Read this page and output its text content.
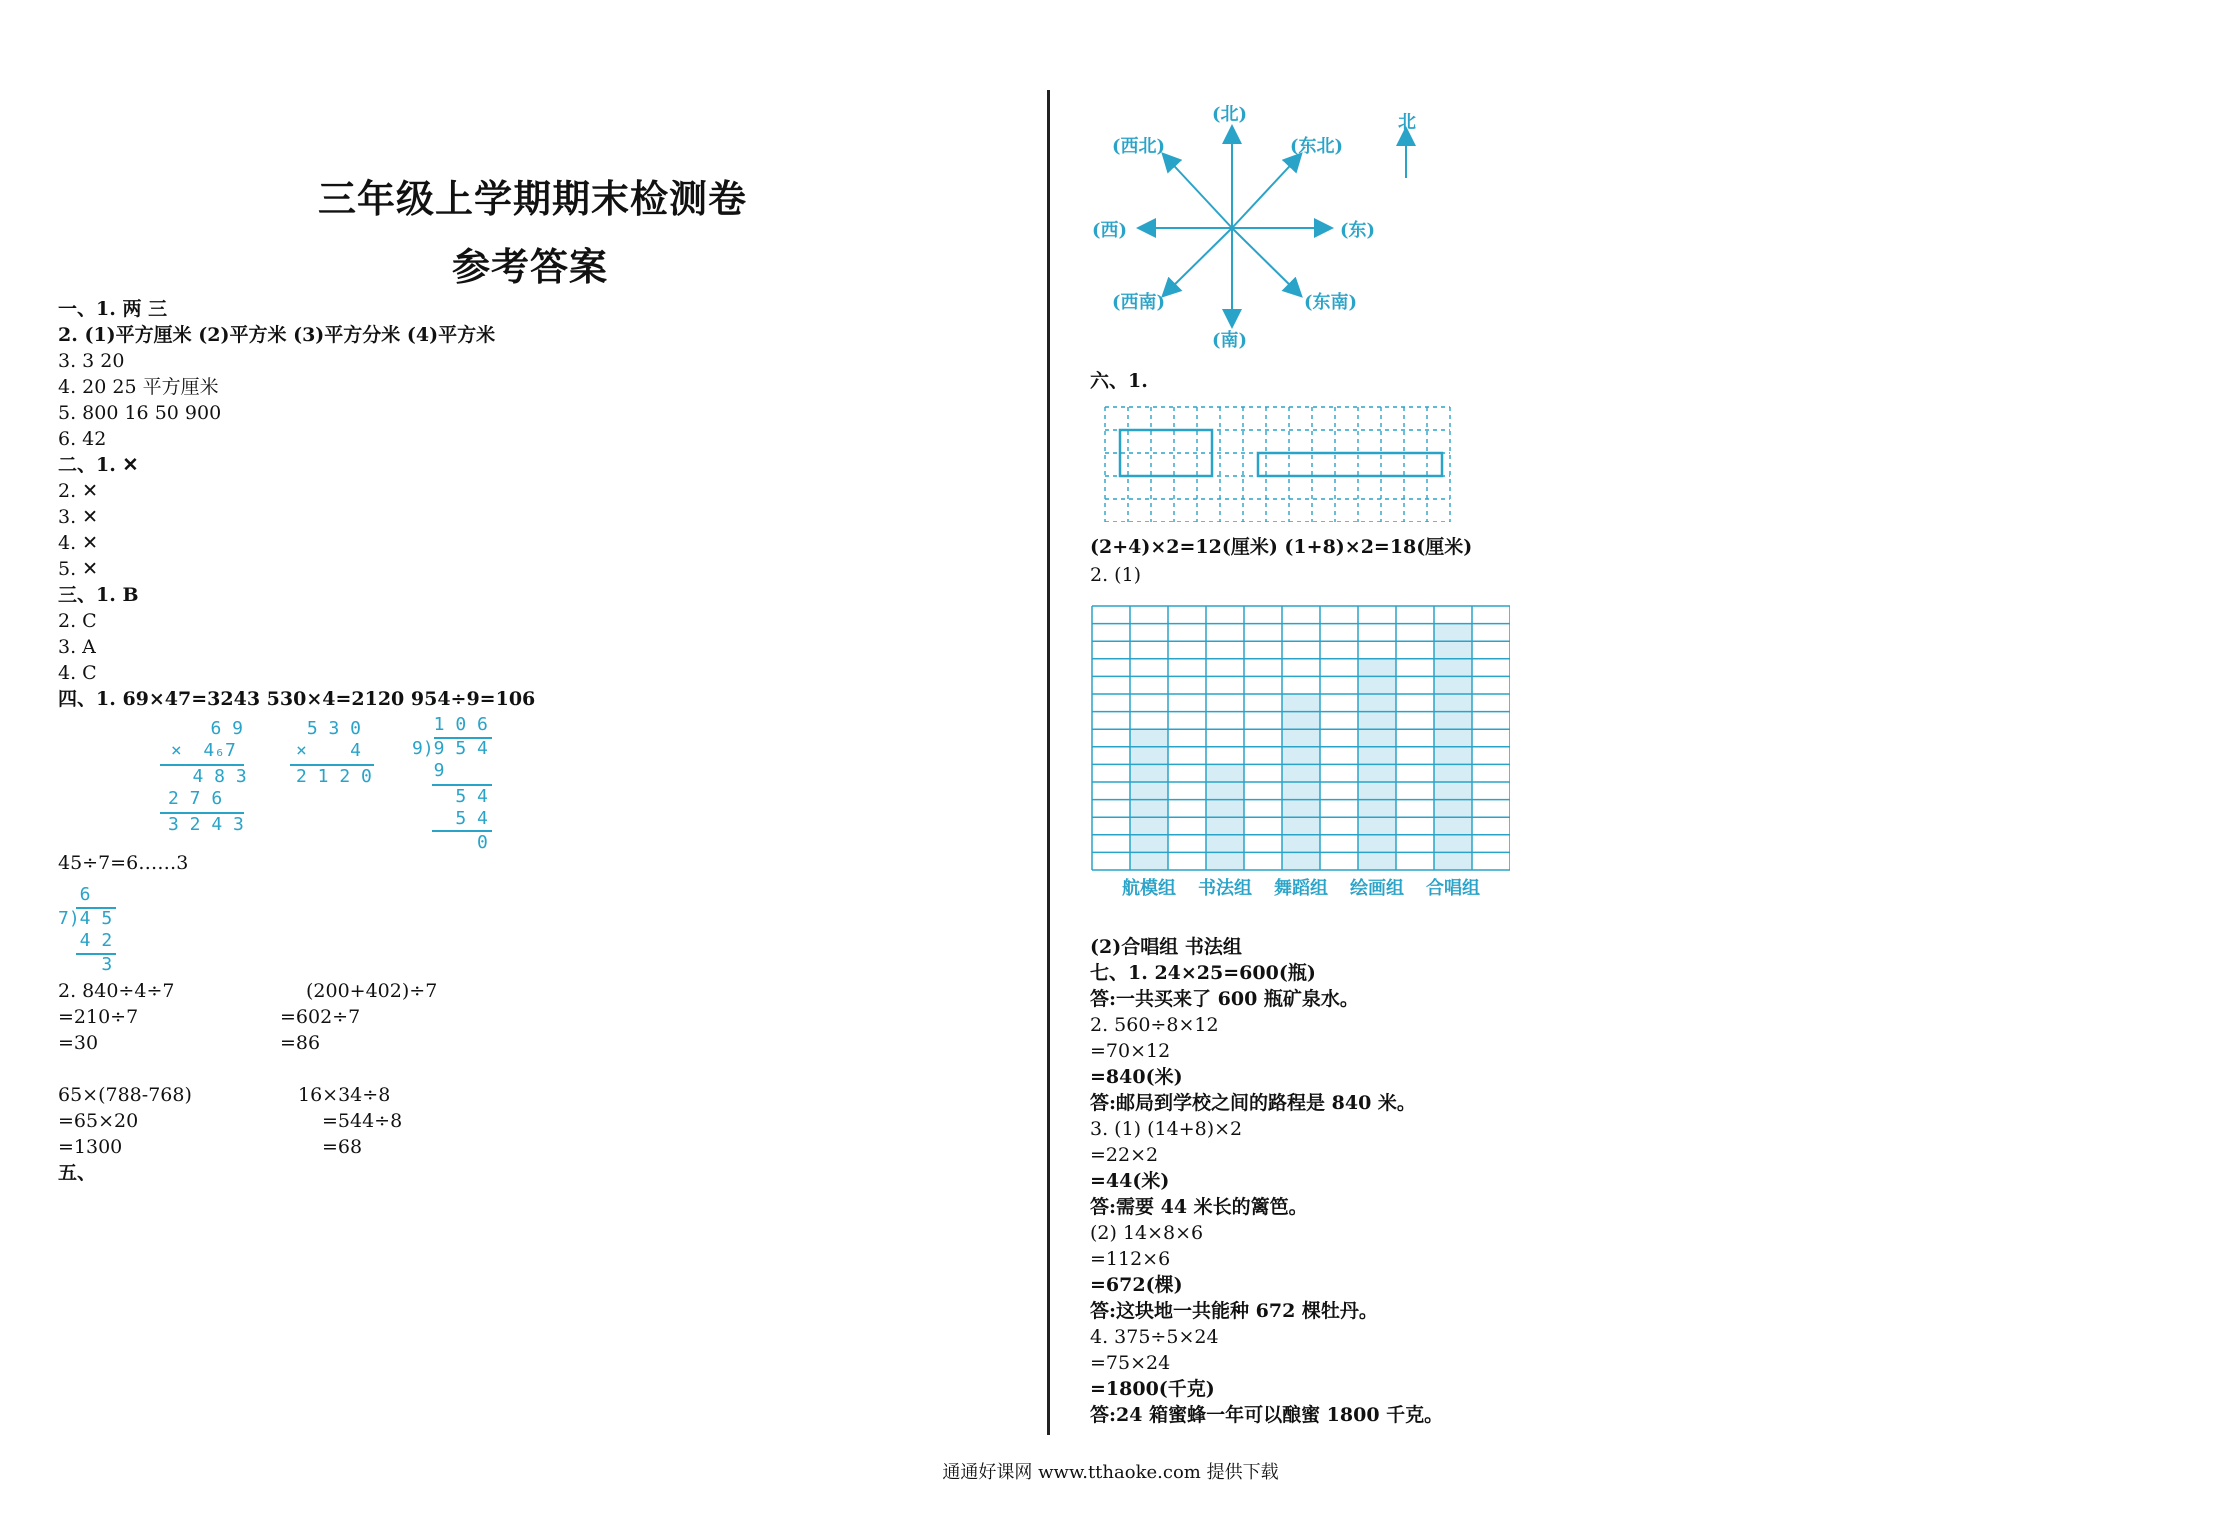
三年级上学期期末检测卷
参考答案
一、1. 两 三
2. (1)平方厘米 (2)平方米 (3)平方分米 (4)平方米
3. 3 20
4. 20 25 平方厘米
5. 800 16 50 900
6. 42
二、1. ✕
2. ✕
3. ✕
4. ✕
5. ✕
三、1. B
2. C
3. A
4. C
四、1. 69×47=3243 530×4=2120 954÷9=106
6 9
×  4₆7
4 8 3
2 7 6
3 2 4 3
5 3 0
×    4
2 1 2 0
1 0 6
9)9 5 4
9
5 4
5 4
0
45÷7=6……3
6
7)4 5
4 2
3
2. 840÷4÷7
=210÷7
=30
(200+402)÷7
=602÷7
=86
65×(788-768)
=65×20
=1300
16×34÷8
=544÷8
=68
五、
(北)
(南)
(东)
(西)
(东北)
(西北)
(东南)
(西南)
北
六、1.
(2+4)×2=12(厘米) (1+8)×2=18(厘米)
2. (1)
航模组 书法组 舞蹈组 绘画组 合唱组
(2)合唱组 书法组
七、1. 24×25=600(瓶)
答:一共买来了 600 瓶矿泉水。
2. 560÷8×12
=70×12
=840(米)
答:邮局到学校之间的路程是 840 米。
3. (1) (14+8)×2
=22×2
=44(米)
答:需要 44 米长的篱笆。
(2) 14×8×6
=112×6
=672(棵)
答:这块地一共能种 672 棵牡丹。
4. 375÷5×24
=75×24
=1800(千克)
答:24 箱蜜蜂一年可以酿蜜 1800 千克。
通通好课网 www.tthaoke.com 提供下载
